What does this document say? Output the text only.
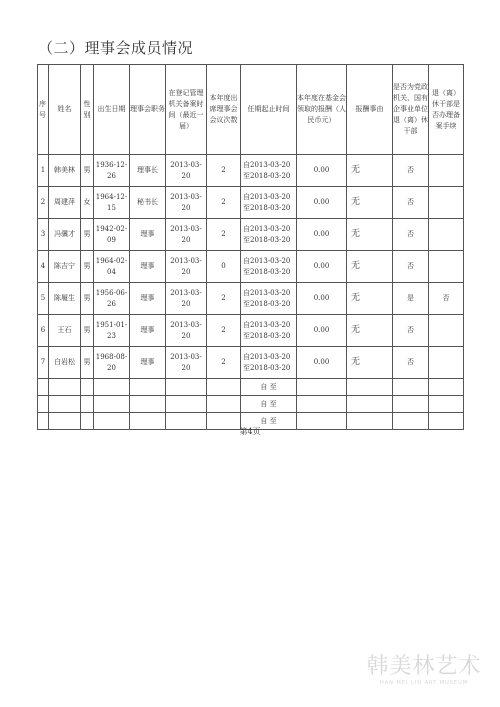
（二）理事会成员情况
序号	姓名	性别	出生日期	理事会职务	在登记管理机关备案时间（最近一届）	本年度出席理事会会议次数	任期起止时间	本年度在基金会领取的报酬（人民币元）	报酬事由	是否为党政机关、国有企事业单位退（离）休干部	退（离）休干部是否办理备案手续

1	韩美林	男	1936-12-26	理事长	2013-03-20	2	自2013-03-20
至2018-03-20	0.00	无	否	

2	周建萍	女	1964-12-15	秘书长	2013-03-20	2	自2013-03-20
至2018-03-20	0.00	无	否	

3	冯骥才	男	1942-02-09	理事	2013-03-20	2	自2013-03-20
至2018-03-20	0.00	无	否	

4	陈吉宁	男	1964-02-04	理事	2013-03-20	0	自2013-03-20
至2018-03-20	0.00	无	否	

5	陈履生	男	1956-06-26	理事	2013-03-20	2	自2013-03-20
至2018-03-20	0.00	无	是	否

6	王石	男	1951-01-23	理事	2013-03-20	2	自2013-03-20
至2018-03-20	0.00	无	否	

7	白岩松	男	1968-08-20	理事	2013-03-20	2	自2013-03-20
至2018-03-20	0.00	无	否	
							自 至				
							自 至				
							自 至				
第4页
韩美林艺术
HAN MEI LIN ART MUSEUM
